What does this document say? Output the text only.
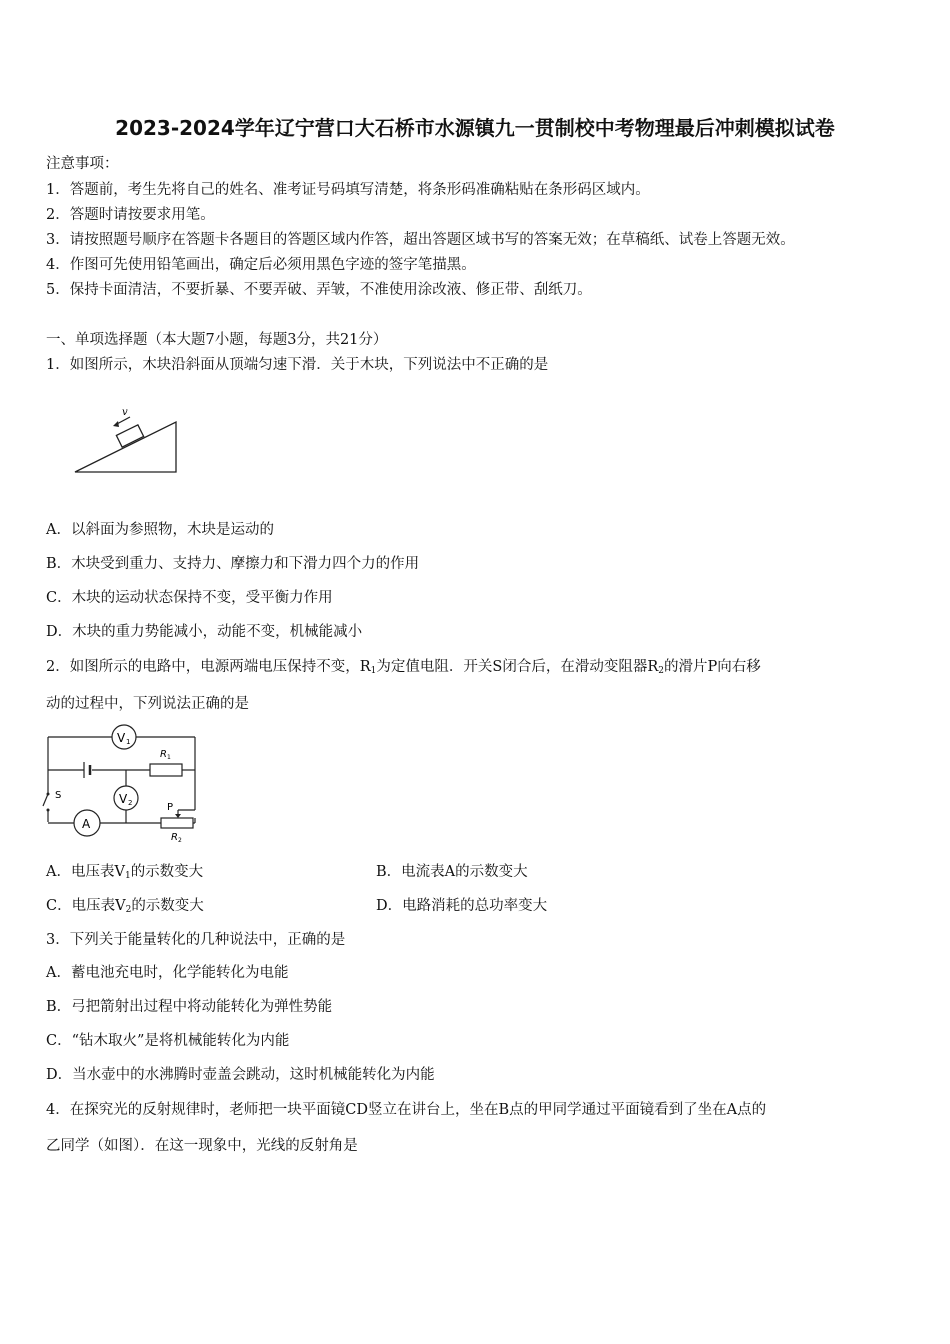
2023-2024学年辽宁营口大石桥市水源镇九一贯制校中考物理最后冲刺模拟试卷
注意事项：
1．答题前，考生先将自己的姓名、准考证号码填写清楚，将条形码准确粘贴在条形码区域内。
2．答题时请按要求用笔。
3．请按照题号顺序在答题卡各题目的答题区域内作答，超出答题区域书写的答案无效；在草稿纸、试卷上答题无效。
4．作图可先使用铅笔画出，确定后必须用黑色字迹的签字笔描黑。
5．保持卡面清洁，不要折暴、不要弄破、弄皱，不准使用涂改液、修正带、刮纸刀。
一、单项选择题（本大题7小题，每题3分，共21分）
1．如图所示，木块沿斜面从顶端匀速下滑．关于木块，下列说法中不正确的是
v
A．以斜面为参照物，木块是运动的
B．木块受到重力、支持力、摩擦力和下滑力四个力的作用
C．木块的运动状态保持不变，受平衡力作用
D．木块的重力势能减小，动能不变，机械能减小
2．如图所示的电路中，电源两端电压保持不变，$R_1$为定值电阻．开关S闭合后，在滑动变阻器$R_2$的滑片P向右移
动的过程中，下列说法正确的是
V 1
R 1
V 2
S
A
P
R 2
A．电压表$V_1$的示数变大	B．电流表A的示数变大
C．电压表$V_2$的示数变大	D．电路消耗的总功率变大
3．下列关于能量转化的几种说法中，正确的是
A．蓄电池充电时，化学能转化为电能
B．弓把箭射出过程中将动能转化为弹性势能
C．“钻木取火”是将机械能转化为内能
D．当水壶中的水沸腾时壶盖会跳动，这时机械能转化为内能
4．在探究光的反射规律时，老师把一块平面镜CD竖立在讲台上，坐在B点的甲同学通过平面镜看到了坐在A点的
乙同学（如图）．在这一现象中，光线的反射角是
